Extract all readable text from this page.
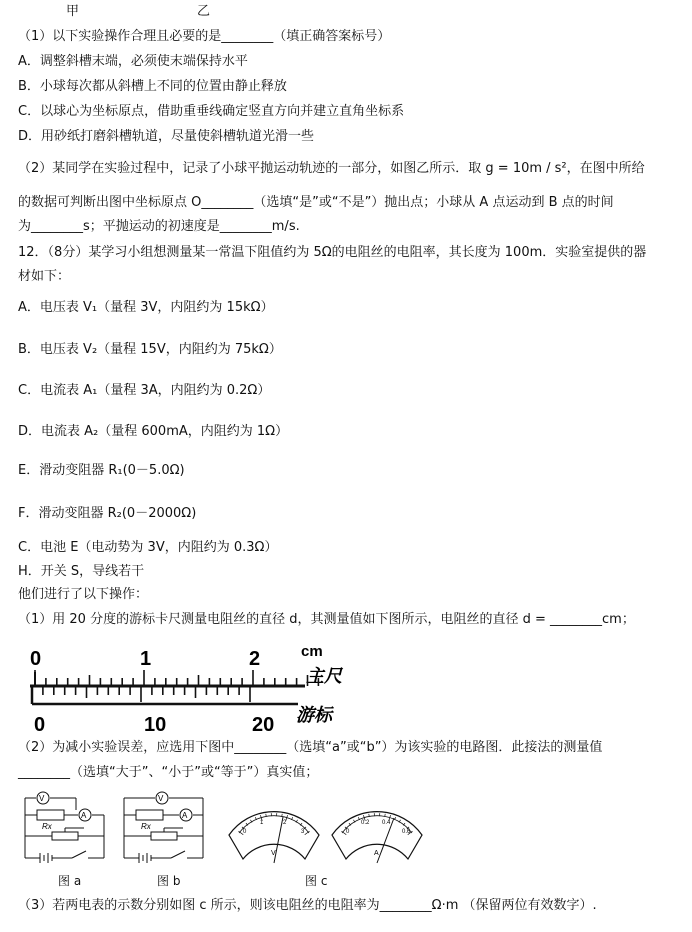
甲	乙
（1）以下实验操作合理且必要的是________（填正确答案标号）
A．调整斜槽末端，必须使末端保持水平
B．小球每次都从斜槽上不同的位置由静止释放
C．以球心为坐标原点，借助重垂线确定竖直方向并建立直角坐标系
D．用砂纸打磨斜槽轨道，尽量使斜槽轨道光滑一些
（2）某同学在实验过程中，记录了小球平抛运动轨迹的一部分，如图乙所示．取 g = 10m / s²，在图中所给
的数据可判断出图中坐标原点 O________（选填“是”或“不是”）抛出点；小球从 A 点运动到 B 点的时间
为________s；平抛运动的初速度是________m/s.
12．（8分）某学习小组想测量某一常温下阻值约为 5Ω的电阻丝的电阻率，其长度为 100m．实验室提供的器
材如下：
A．电压表 V₁（量程 3V，内阻约为 15kΩ）
B．电压表 V₂（量程 15V，内阻约为 75kΩ）
C．电流表 A₁（量程 3A，内阻约为 0.2Ω）
D．电流表 A₂（量程 600mA，内阻约为 1Ω）
E．滑动变阻器 R₁(0－5.0Ω)
F．滑动变阻器 R₂(0－2000Ω)
C．电池 E（电动势为 3V，内阻约为 0.3Ω）
H．开关 S，导线若干
他们进行了以下操作：
（1）用 20 分度的游标卡尺测量电阻丝的直径 d，其测量值如下图所示，电阻丝的直径 d = ________cm；
0	1	2	cm
主尺
0	10	20 游标
（2）为减小实验误差，应选用下图中________（选填“a”或“b”）为该实验的电路图．此接法的测量值
________（选填“大于”、“小于”或“等于”）真实值；
V
A
Rx
V
A
Rx
0
1	2
3
V
0
0.2 0.4
0.6
A
图 a	图 b	图 c
（3）若两电表的示数分别如图 c 所示，则该电阻丝的电阻率为________Ω·m （保留两位有效数字）.
